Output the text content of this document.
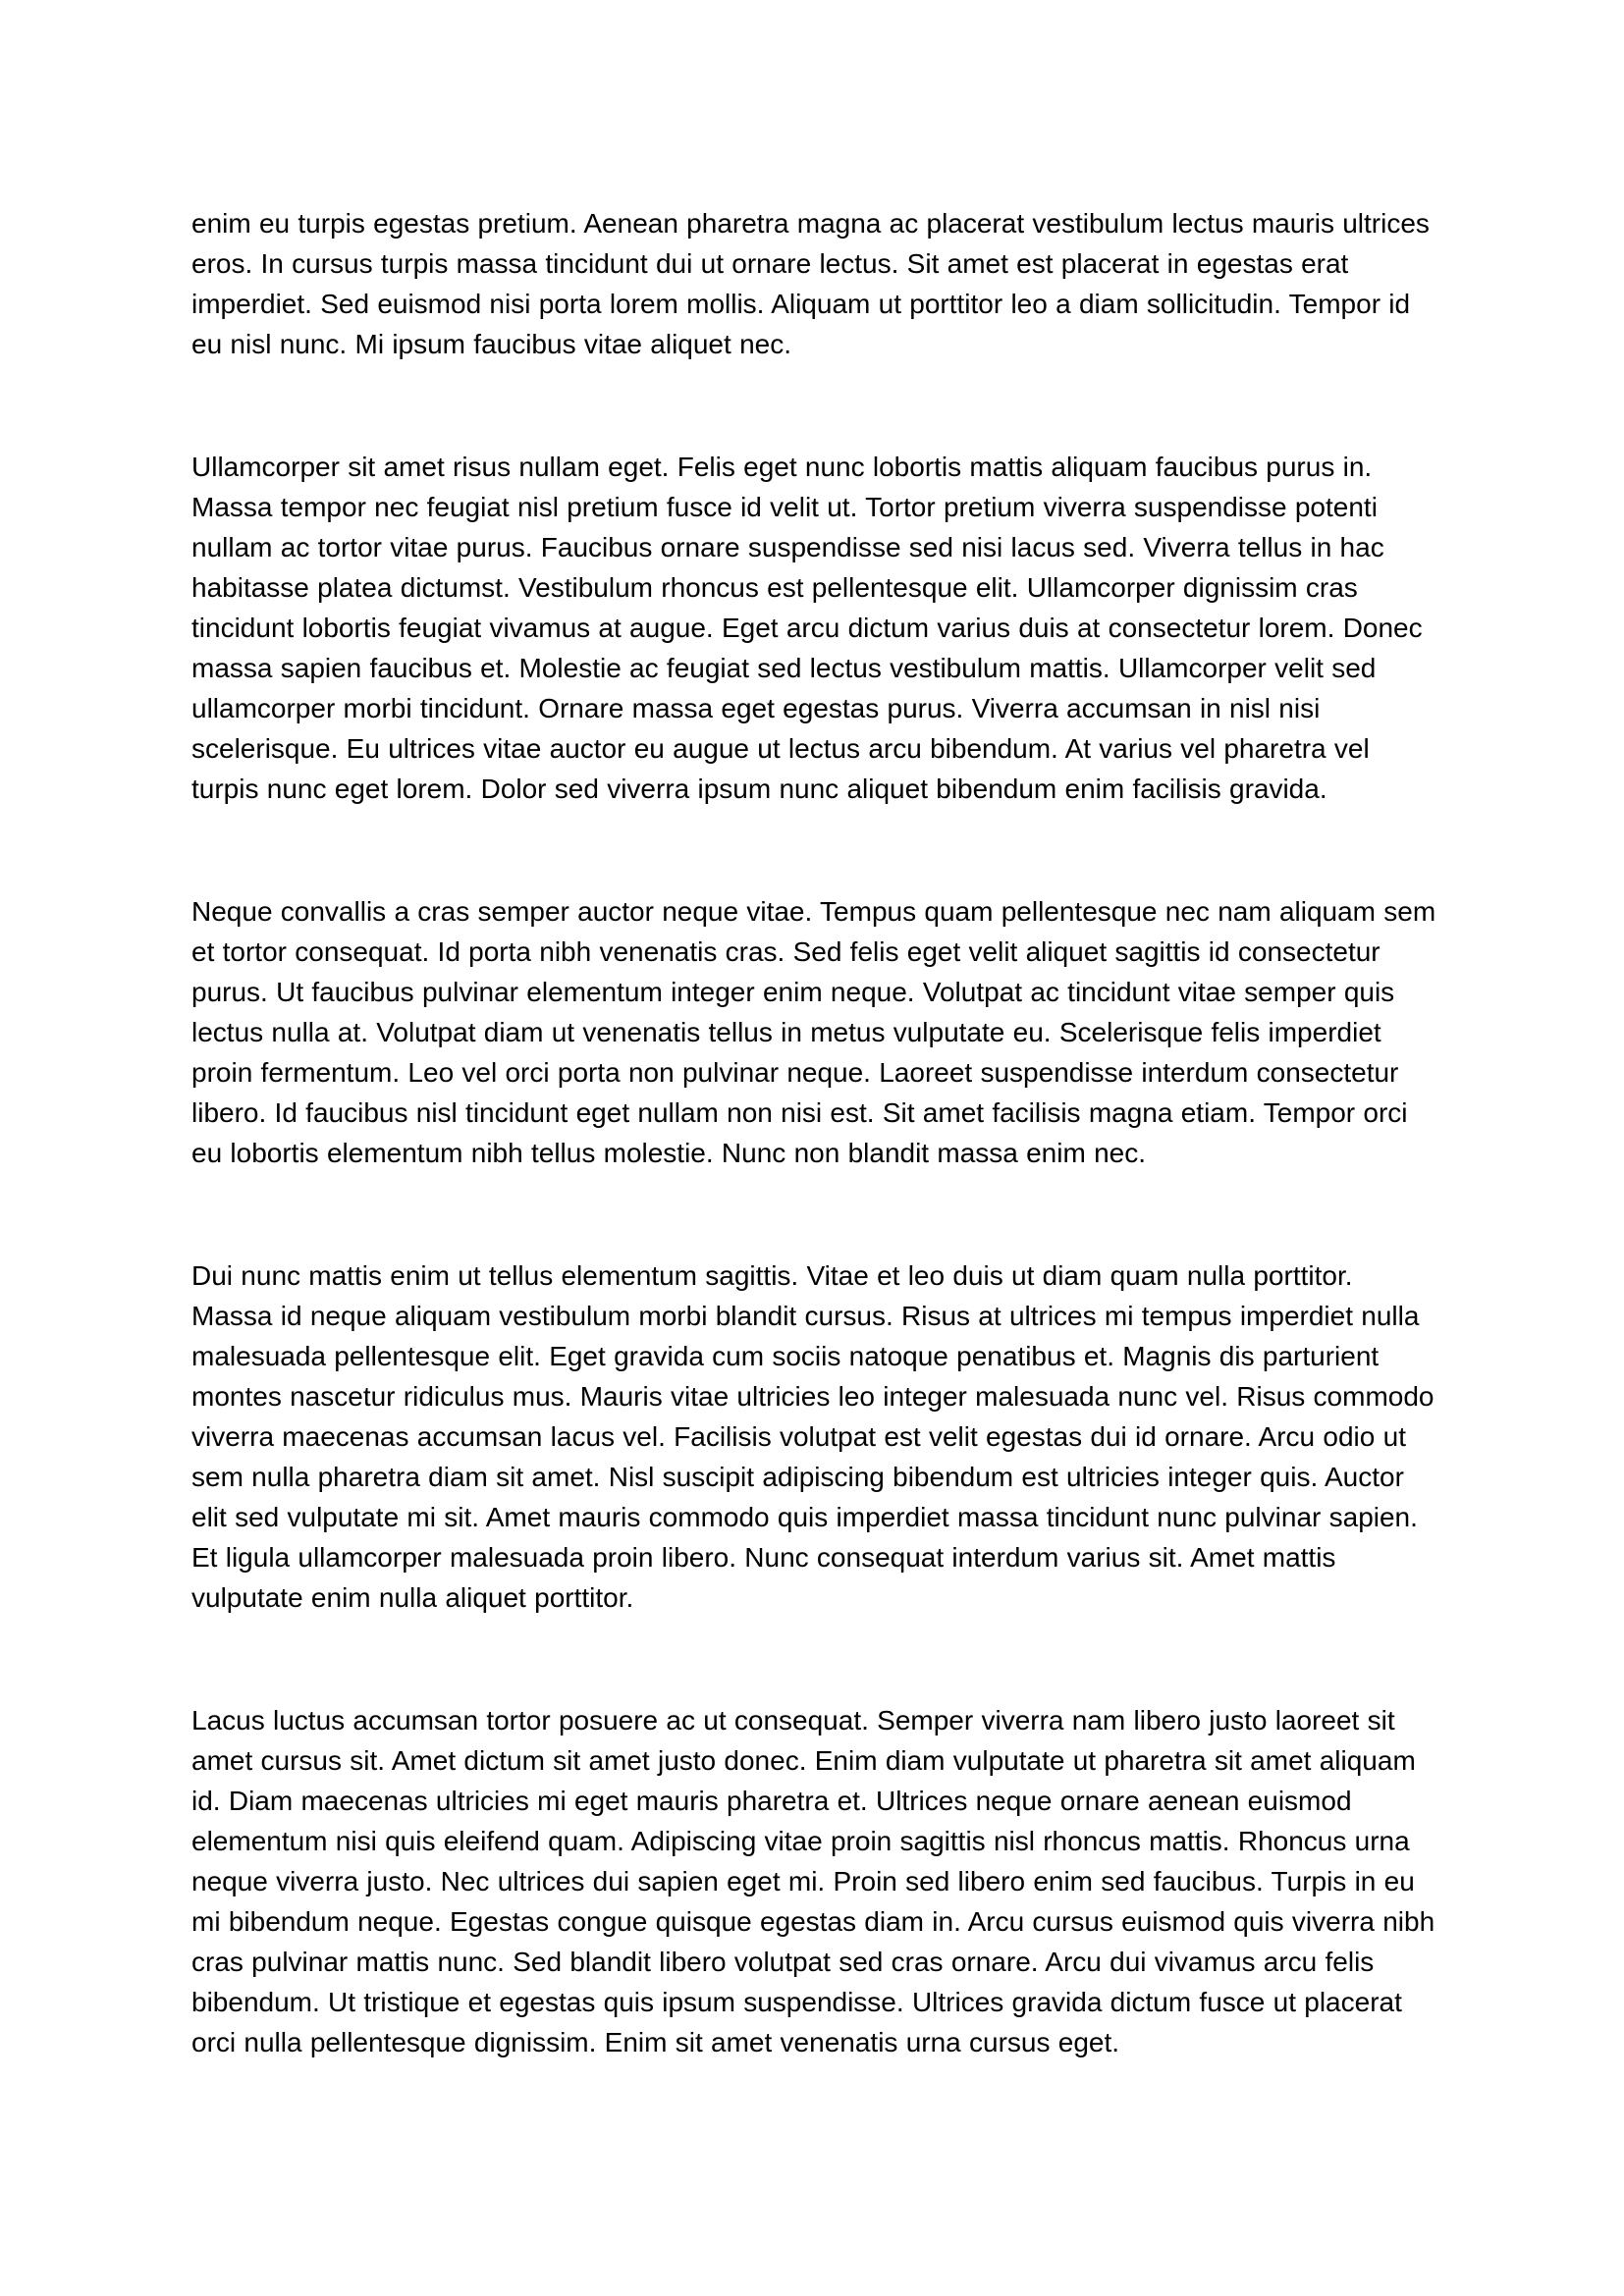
enim eu turpis egestas pretium. Aenean pharetra magna ac placerat vestibulum lectus mauris ultrices eros. In cursus turpis massa tincidunt dui ut ornare lectus. Sit amet est placerat in egestas erat imperdiet. Sed euismod nisi porta lorem mollis. Aliquam ut porttitor leo a diam sollicitudin. Tempor id eu nisl nunc. Mi ipsum faucibus vitae aliquet nec.

Ullamcorper sit amet risus nullam eget. Felis eget nunc lobortis mattis aliquam faucibus purus in. Massa tempor nec feugiat nisl pretium fusce id velit ut. Tortor pretium viverra suspendisse potenti nullam ac tortor vitae purus. Faucibus ornare suspendisse sed nisi lacus sed. Viverra tellus in hac habitasse platea dictumst. Vestibulum rhoncus est pellentesque elit. Ullamcorper dignissim cras tincidunt lobortis feugiat vivamus at augue. Eget arcu dictum varius duis at consectetur lorem. Donec massa sapien faucibus et. Molestie ac feugiat sed lectus vestibulum mattis. Ullamcorper velit sed ullamcorper morbi tincidunt. Ornare massa eget egestas purus. Viverra accumsan in nisl nisi scelerisque. Eu ultrices vitae auctor eu augue ut lectus arcu bibendum. At varius vel pharetra vel turpis nunc eget lorem. Dolor sed viverra ipsum nunc aliquet bibendum enim facilisis gravida.

Neque convallis a cras semper auctor neque vitae. Tempus quam pellentesque nec nam aliquam sem et tortor consequat. Id porta nibh venenatis cras. Sed felis eget velit aliquet sagittis id consectetur purus. Ut faucibus pulvinar elementum integer enim neque. Volutpat ac tincidunt vitae semper quis lectus nulla at. Volutpat diam ut venenatis tellus in metus vulputate eu. Scelerisque felis imperdiet proin fermentum. Leo vel orci porta non pulvinar neque. Laoreet suspendisse interdum consectetur libero. Id faucibus nisl tincidunt eget nullam non nisi est. Sit amet facilisis magna etiam. Tempor orci eu lobortis elementum nibh tellus molestie. Nunc non blandit massa enim nec.

Dui nunc mattis enim ut tellus elementum sagittis. Vitae et leo duis ut diam quam nulla porttitor. Massa id neque aliquam vestibulum morbi blandit cursus. Risus at ultrices mi tempus imperdiet nulla malesuada pellentesque elit. Eget gravida cum sociis natoque penatibus et. Magnis dis parturient montes nascetur ridiculus mus. Mauris vitae ultricies leo integer malesuada nunc vel. Risus commodo viverra maecenas accumsan lacus vel. Facilisis volutpat est velit egestas dui id ornare. Arcu odio ut sem nulla pharetra diam sit amet. Nisl suscipit adipiscing bibendum est ultricies integer quis. Auctor elit sed vulputate mi sit. Amet mauris commodo quis imperdiet massa tincidunt nunc pulvinar sapien. Et ligula ullamcorper malesuada proin libero. Nunc consequat interdum varius sit. Amet mattis vulputate enim nulla aliquet porttitor.

Lacus luctus accumsan tortor posuere ac ut consequat. Semper viverra nam libero justo laoreet sit amet cursus sit. Amet dictum sit amet justo donec. Enim diam vulputate ut pharetra sit amet aliquam id. Diam maecenas ultricies mi eget mauris pharetra et. Ultrices neque ornare aenean euismod elementum nisi quis eleifend quam. Adipiscing vitae proin sagittis nisl rhoncus mattis. Rhoncus urna neque viverra justo. Nec ultrices dui sapien eget mi. Proin sed libero enim sed faucibus. Turpis in eu mi bibendum neque. Egestas congue quisque egestas diam in. Arcu cursus euismod quis viverra nibh cras pulvinar mattis nunc. Sed blandit libero volutpat sed cras ornare. Arcu dui vivamus arcu felis bibendum. Ut tristique et egestas quis ipsum suspendisse. Ultrices gravida dictum fusce ut placerat orci nulla pellentesque dignissim. Enim sit amet venenatis urna cursus eget.
